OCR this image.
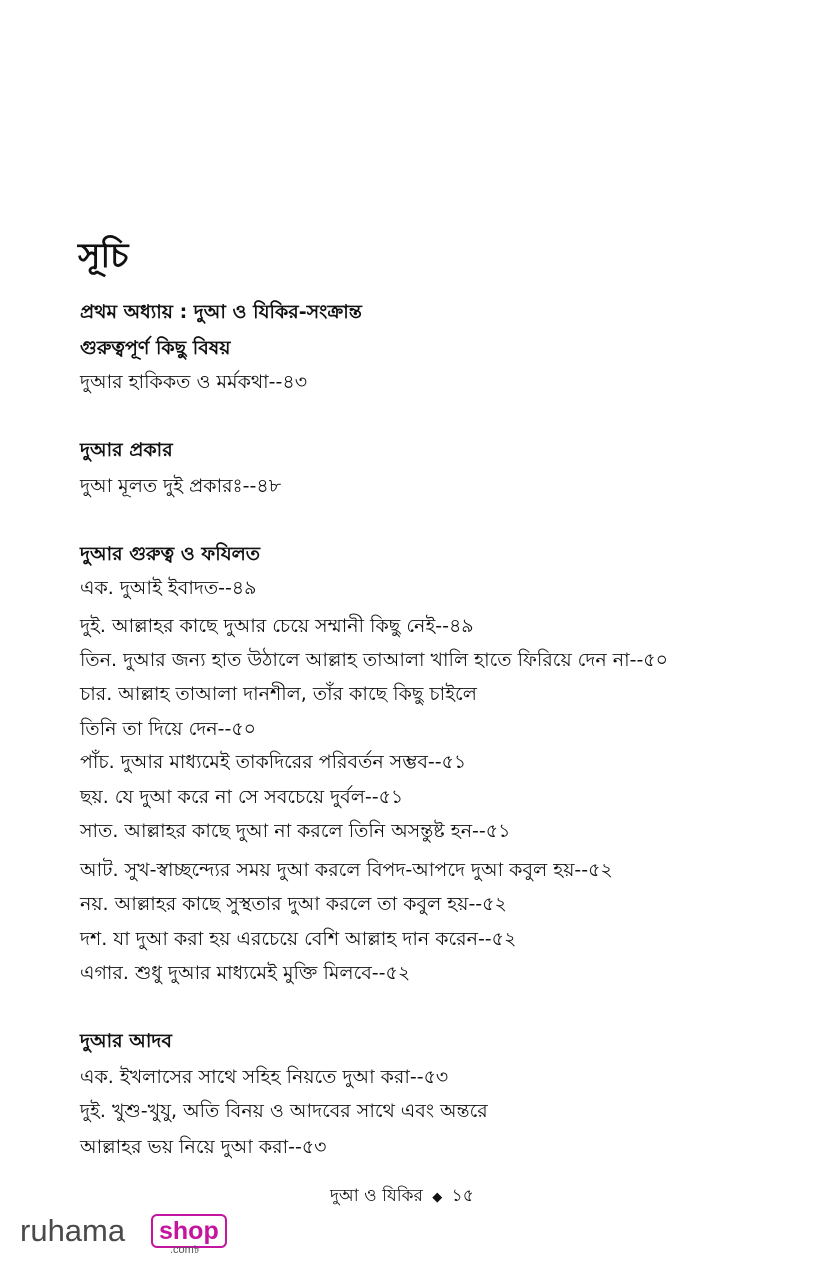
সূচি
প্রথম অধ্যায় : দুআ ও যিকির-সংক্রান্ত
গুরুত্বপূর্ণ কিছু বিষয়
দুআর হাকিকত ও মর্মকথা--৪৩
দুআর প্রকার
দুআ মূলত দুই প্রকারঃ--৪৮
দুআর গুরুত্ব ও ফযিলত
এক. দুআই ইবাদত--৪৯
দুই. আল্লাহর কাছে দুআর চেয়ে সম্মানী কিছু নেই--৪৯
তিন. দুআর জন্য হাত উঠালে আল্লাহ তাআলা খালি হাতে ফিরিয়ে দেন না--৫০
চার. আল্লাহ তাআলা দানশীল, তাঁর কাছে কিছু চাইলে
তিনি তা দিয়ে দেন--৫০
পাঁচ. দুআর মাধ্যমেই তাকদিরের পরিবর্তন সম্ভব--৫১
ছয়. যে দুআ করে না সে সবচেয়ে দুর্বল--৫১
সাত. আল্লাহর কাছে দুআ না করলে তিনি অসন্তুষ্ট হন--৫১
আট. সুখ-স্বাচ্ছন্দ্যের সময় দুআ করলে বিপদ-আপদে দুআ কবুল হয়--৫২
নয়. আল্লাহর কাছে সুস্থতার দুআ করলে তা কবুল হয়--৫২
দশ. যা দুআ করা হয় এরচেয়ে বেশি আল্লাহ দান করেন--৫২
এগার. শুধু দুআর মাধ্যমেই মুক্তি মিলবে--৫২
দুআর আদব
এক. ইখলাসের সাথে সহিহ নিয়তে দুআ করা--৫৩
দুই. খুশু-খুযু, অতি বিনয় ও আদবের সাথে এবং অন্তরে
আল্লাহর ভয় নিয়ে দুআ করা--৫৩
দুআ ও যিকির ◆ ১৫
ruhama	shop
.com৳
